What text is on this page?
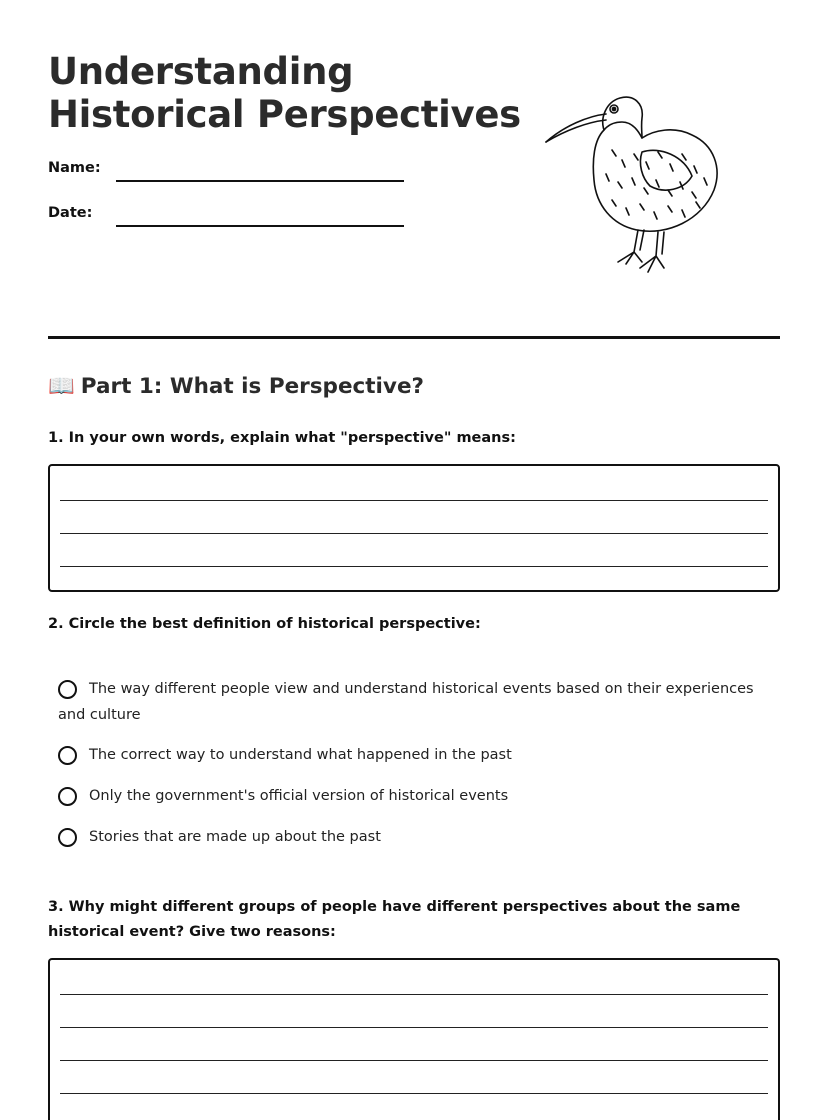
Understanding
Historical Perspectives
Name:
Date:
📖 Part 1: What is Perspective?

1. In your own words, explain what "perspective" means:

2. Circle the best definition of historical perspective:

The way different people view and understand historical events based on their experiences and culture
The correct way to understand what happened in the past
Only the government's official version of historical events
Stories that are made up about the past

3. Why might different groups of people have different perspectives about the same historical event? Give two reasons:
